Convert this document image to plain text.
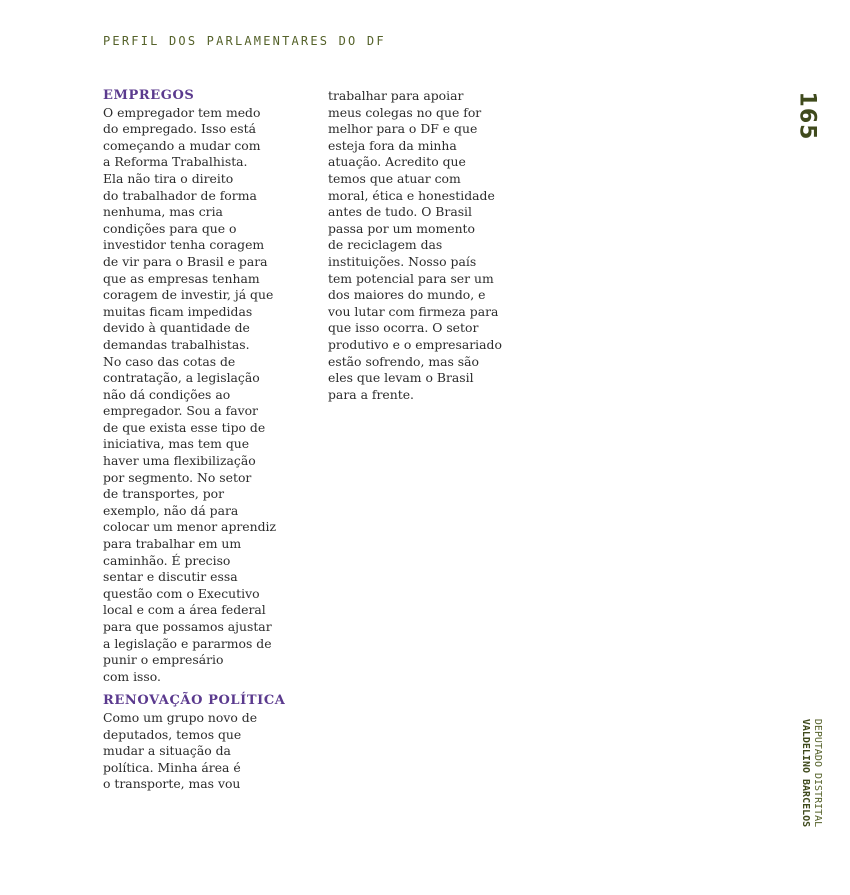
PERFIL DOS PARLAMENTARES DO DF
165
DEPUTADO DISTRITAL
VALDELINO BARCELOS
EMPREGOS
O empregador tem medo
do empregado. Isso está
começando a mudar com
a Reforma Trabalhista.
Ela não tira o direito
do trabalhador de forma
nenhuma, mas cria
condições para que o
investidor tenha coragem
de vir para o Brasil e para
que as empresas tenham
coragem de investir, já que
muitas ficam impedidas
devido à quantidade de
demandas trabalhistas.
No caso das cotas de
contratação, a legislação
não dá condições ao
empregador. Sou a favor
de que exista esse tipo de
iniciativa, mas tem que
haver uma flexibilização
por segmento. No setor
de transportes, por
exemplo, não dá para
colocar um menor aprendiz
para trabalhar em um
caminhão. É preciso
sentar e discutir essa
questão com o Executivo
local e com a área federal
para que possamos ajustar
a legislação e pararmos de
punir o empresário
com isso.
RENOVAÇÃO POLÍTICA
Como um grupo novo de
deputados, temos que
mudar a situação da
política. Minha área é
o transporte, mas vou
trabalhar para apoiar
meus colegas no que for
melhor para o DF e que
esteja fora da minha
atuação. Acredito que
temos que atuar com
moral, ética e honestidade
antes de tudo. O Brasil
passa por um momento
de reciclagem das
instituições. Nosso país
tem potencial para ser um
dos maiores do mundo, e
vou lutar com firmeza para
que isso ocorra. O setor
produtivo e o empresariado
estão sofrendo, mas são
eles que levam o Brasil
para a frente.
